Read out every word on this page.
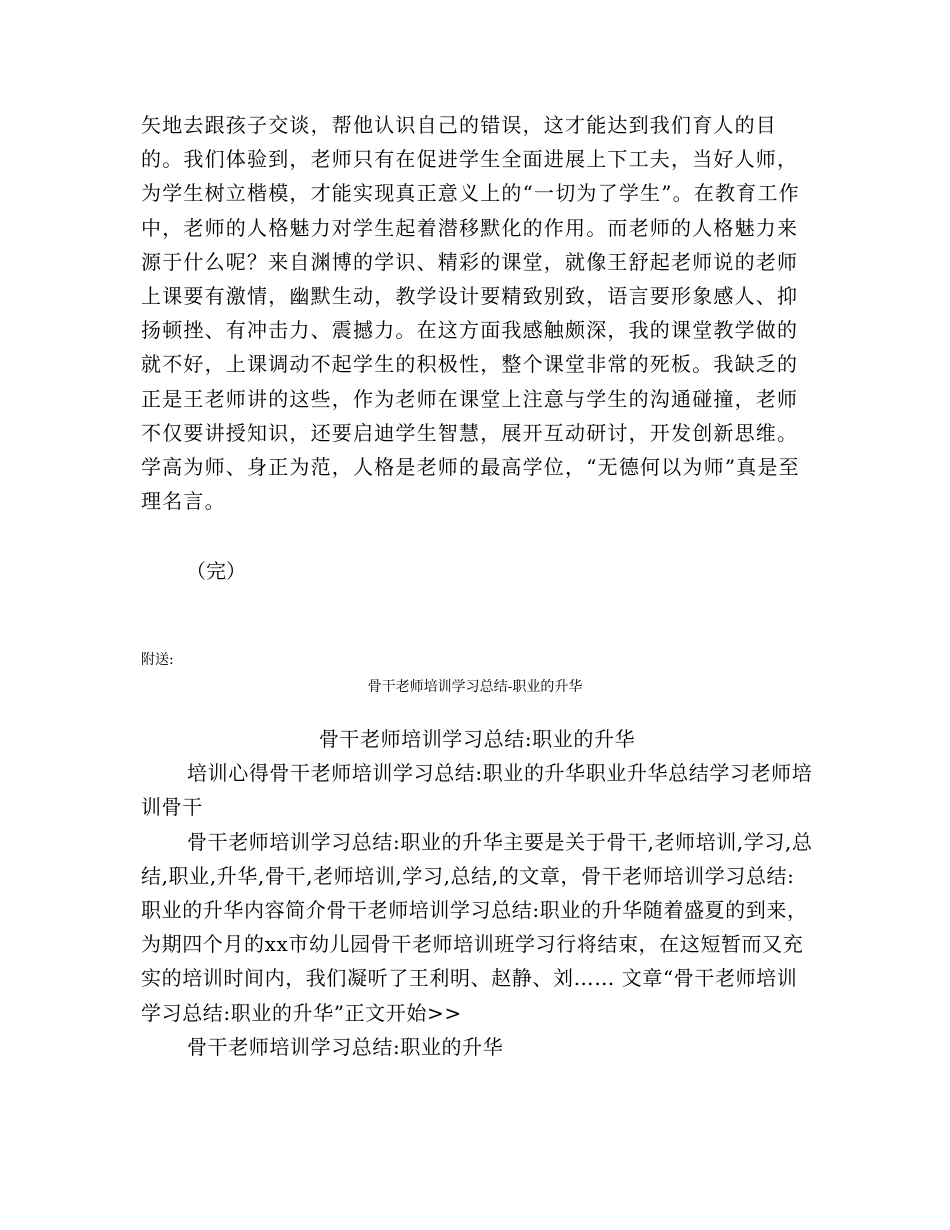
矢地去跟孩子交谈，帮他认识自己的错误，这才能达到我们育人的目的。我们体验到，老师只有在促进学生全面进展上下工夫，当好人师，为学生树立楷模，才能实现真正意义上的“一切为了学生”。在教育工作中，老师的人格魅力对学生起着潜移默化的作用。而老师的人格魅力来源于什么呢？来自渊博的学识、精彩的课堂，就像王舒起老师说的老师上课要有激情，幽默生动，教学设计要精致别致，语言要形象感人、抑扬顿挫、有冲击力、震撼力。在这方面我感触颇深，我的课堂教学做的就不好，上课调动不起学生的积极性，整个课堂非常的死板。我缺乏的正是王老师讲的这些，作为老师在课堂上注意与学生的沟通碰撞，老师不仅要讲授知识，还要启迪学生智慧，展开互动研讨，开发创新思维。学高为师、身正为范，人格是老师的最高学位，“无德何以为师”真是至理名言。

（完）
附送:
骨干老师培训学习总结-职业的升华

骨干老师培训学习总结:职业的升华

培训心得骨干老师培训学习总结:职业的升华职业升华总结学习老师培训骨干

骨干老师培训学习总结:职业的升华主要是关于骨干,老师培训,学习,总结,职业,升华,骨干,老师培训,学习,总结,的文章，骨干老师培训学习总结:职业的升华内容简介骨干老师培训学习总结:职业的升华随着盛夏的到来，为期四个月的xx市幼儿园骨干老师培训班学习行将结束，在这短暂而又充实的培训时间内，我们凝听了王利明、赵静、刘…… 文章“骨干老师培训学习总结:职业的升华”正文开始>>

骨干老师培训学习总结:职业的升华
